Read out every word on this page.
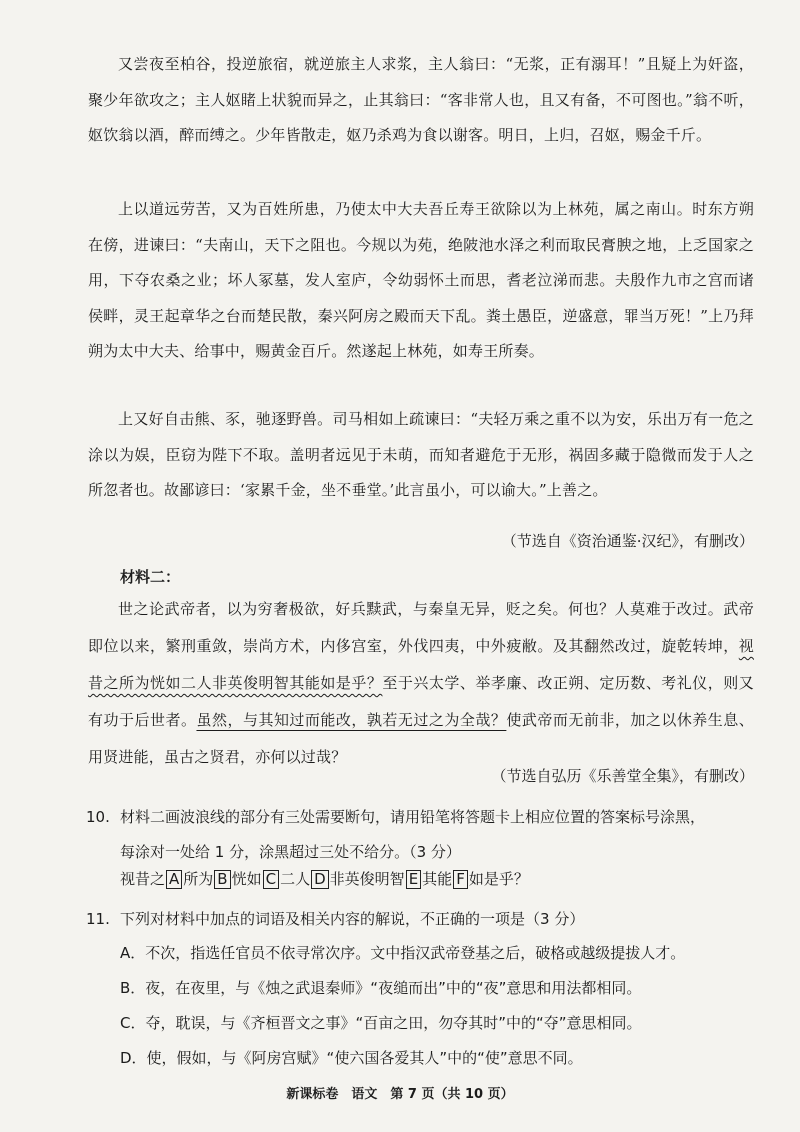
又尝夜至柏谷，投逆旅宿，就逆旅主人求浆，主人翁曰：“无浆，正有溺耳！”且疑上为奸盗，聚少年欲攻之；主人妪睹上状貌而异之，止其翁曰：“客非常人也，且又有备，不可图也。”翁不听，妪饮翁以酒，醉而缚之。少年皆散走，妪乃杀鸡为食以谢客。明日，上归，召妪，赐金千斤。

上以道远劳苦，又为百姓所患，乃使太中大夫吾丘寿王欲除以为上林苑，属之南山。时东方朔在傍，进谏曰：“夫南山，天下之阻也。今规以为苑，绝陂池水泽之利而取民膏腴之地，上乏国家之用，下夺农桑之业；坏人冢墓，发人室庐，令幼弱怀土而思，耆老泣涕而悲。夫殷作九市之宫而诸侯畔，灵王起章华之台而楚民散，秦兴阿房之殿而天下乱。粪土愚臣，逆盛意，罪当万死！”上乃拜朔为太中大夫、给事中，赐黄金百斤。然遂起上林苑，如寿王所奏。

上又好自击熊、豕，驰逐野兽。司马相如上疏谏曰：“夫轻万乘之重不以为安，乐出万有一危之涂以为娱，臣窃为陛下不取。盖明者远见于未萌，而知者避危于无形，祸固多藏于隐微而发于人之所忽者也。故鄙谚曰：‘家累千金，坐不垂堂。’此言虽小，可以谕大。”上善之。

（节选自《资治通鉴·汉纪》，有删改）
材料二：

世之论武帝者，以为穷奢极欲，好兵黩武，与秦皇无异，贬之矣。何也？人莫难于改过。武帝即位以来，繁刑重敛，崇尚方术，内侈宫室，外伐四夷，中外疲敝。及其翻然改过，旋乾转坤，视昔之所为恍如二人非英俊明智其能如是乎？至于兴太学、举孝廉、改正朔、定历数、考礼仪，则又有功于后世者。虽然，与其知过而能改，孰若无过之为全哉？使武帝而无前非，加之以休养生息、用贤进能，虽古之贤君，亦何以过哉？

（节选自弘历《乐善堂全集》，有删改）
10. 材料二画波浪线的部分有三处需要断句，请用铅笔将答题卡上相应位置的答案标号涂黑，
每涂对一处给 1 分，涂黑超过三处不给分。（3 分）
视昔之 A 所为 B 恍如 C 二人 D 非英俊明智 E 其能 F 如是乎？
11. 下列对材料中加点的词语及相关内容的解说，不正确的一项是（3 分）
A．不次，指选任官员不依寻常次序。文中指汉武帝登基之后，破格或越级提拔人才。
B．夜，在夜里，与《烛之武退秦师》“夜缒而出”中的“夜”意思和用法都相同。
C．夺，耽误，与《齐桓晋文之事》“百亩之田，勿夺其时”中的“夺”意思相同。
D．使，假如，与《阿房宫赋》“使六国各爱其人”中的“使”意思不同。
新课标卷　语文　第 7 页（共 10 页）
